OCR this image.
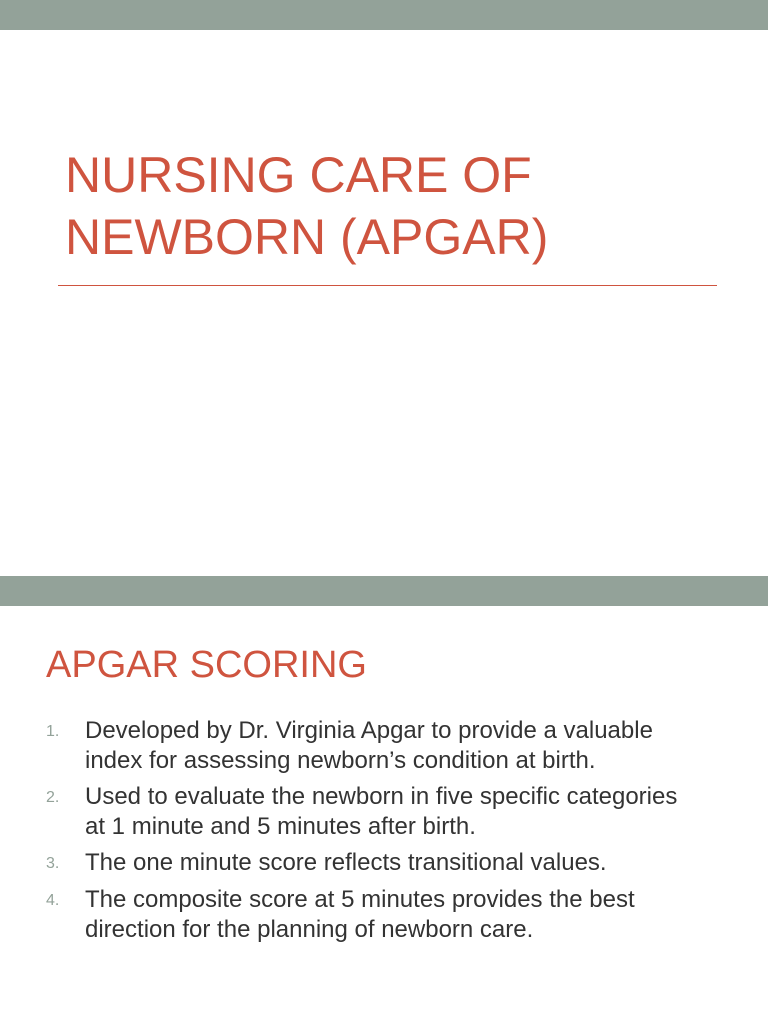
NURSING CARE OF
NEWBORN (APGAR)
APGAR SCORING
1.	Developed by Dr. Virginia Apgar to provide a valuable
index for assessing newborn’s condition at birth.
2.	Used to evaluate the newborn in five specific categories
at 1 minute and 5 minutes after birth.
3.	The one minute score reflects transitional values.
4.	The composite score at 5 minutes provides the best
direction for the planning of newborn care.
